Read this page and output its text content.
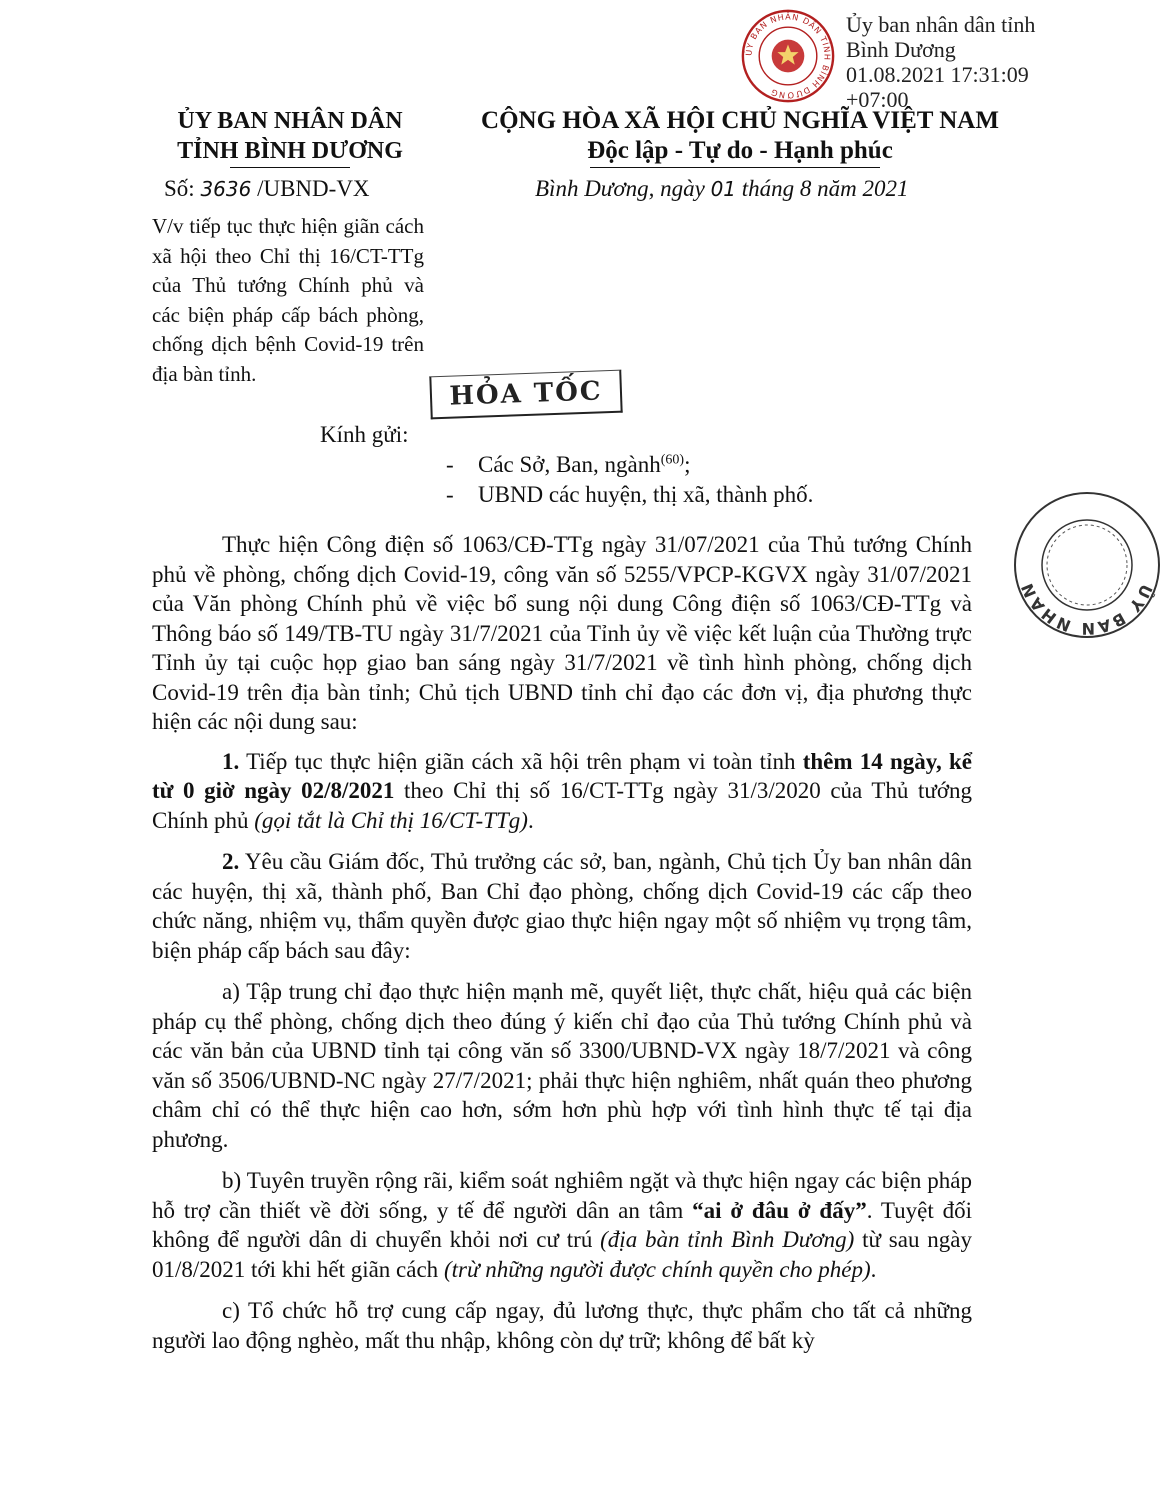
ỦY BAN NHÂN DÂN TỈNH BÌNH DƯƠNG
Ủy ban nhân dân tỉnh
Bình Dương
01.08.2021 17:31:09
+07:00
ỦY BAN NHÂN DÂN
TỈNH BÌNH DƯƠNG
Số: 3636 /UBND-VX
CỘNG HÒA XÃ HỘI CHỦ NGHĨA VIỆT NAM
Độc lập - Tự do - Hạnh phúc
Bình Dương, ngày 01 tháng 8 năm 2021
V/v tiếp tục thực hiện giãn cách xã hội theo Chỉ thị 16/CT-TTg của Thủ tướng Chính phủ và các biện pháp cấp bách phòng, chống dịch bệnh Covid-19 trên địa bàn tỉnh.
HỎA TỐC
Kính gửi:
- Các Sở, Ban, ngành$^{(60)}$;
- UBND các huyện, thị xã, thành phố.
ỦY BAN NHÂN

Thực hiện Công điện số 1063/CĐ-TTg ngày 31/07/2021 của Thủ tướng Chính phủ về phòng, chống dịch Covid-19, công văn số 5255/VPCP-KGVX ngày 31/07/2021 của Văn phòng Chính phủ về việc bổ sung nội dung Công điện số 1063/CĐ-TTg và Thông báo số 149/TB-TU ngày 31/7/2021 của Tỉnh ủy về việc kết luận của Thường trực Tỉnh ủy tại cuộc họp giao ban sáng ngày 31/7/2021 về tình hình phòng, chống dịch Covid-19 trên địa bàn tỉnh; Chủ tịch UBND tỉnh chỉ đạo các đơn vị, địa phương thực hiện các nội dung sau:

1. Tiếp tục thực hiện giãn cách xã hội trên phạm vi toàn tỉnh thêm 14 ngày, kể từ 0 giờ ngày 02/8/2021 theo Chỉ thị số 16/CT-TTg ngày 31/3/2020 của Thủ tướng Chính phủ (gọi tắt là Chỉ thị 16/CT-TTg).

2. Yêu cầu Giám đốc, Thủ trưởng các sở, ban, ngành, Chủ tịch Ủy ban nhân dân các huyện, thị xã, thành phố, Ban Chỉ đạo phòng, chống dịch Covid-19 các cấp theo chức năng, nhiệm vụ, thẩm quyền được giao thực hiện ngay một số nhiệm vụ trọng tâm, biện pháp cấp bách sau đây:

a) Tập trung chỉ đạo thực hiện mạnh mẽ, quyết liệt, thực chất, hiệu quả các biện pháp cụ thể phòng, chống dịch theo đúng ý kiến chỉ đạo của Thủ tướng Chính phủ và các văn bản của UBND tỉnh tại công văn số 3300/UBND-VX ngày 18/7/2021 và công văn số 3506/UBND-NC ngày 27/7/2021; phải thực hiện nghiêm, nhất quán theo phương châm chỉ có thể thực hiện cao hơn, sớm hơn phù hợp với tình hình thực tế tại địa phương.

b) Tuyên truyền rộng rãi, kiểm soát nghiêm ngặt và thực hiện ngay các biện pháp hỗ trợ cần thiết về đời sống, y tế để người dân an tâm “ai ở đâu ở đấy”. Tuyệt đối không để người dân di chuyển khỏi nơi cư trú (địa bàn tỉnh Bình Dương) từ sau ngày 01/8/2021 tới khi hết giãn cách (trừ những người được chính quyền cho phép).

c) Tổ chức hỗ trợ cung cấp ngay, đủ lương thực, thực phẩm cho tất cả những người lao động nghèo, mất thu nhập, không còn dự trữ; không để bất kỳ
